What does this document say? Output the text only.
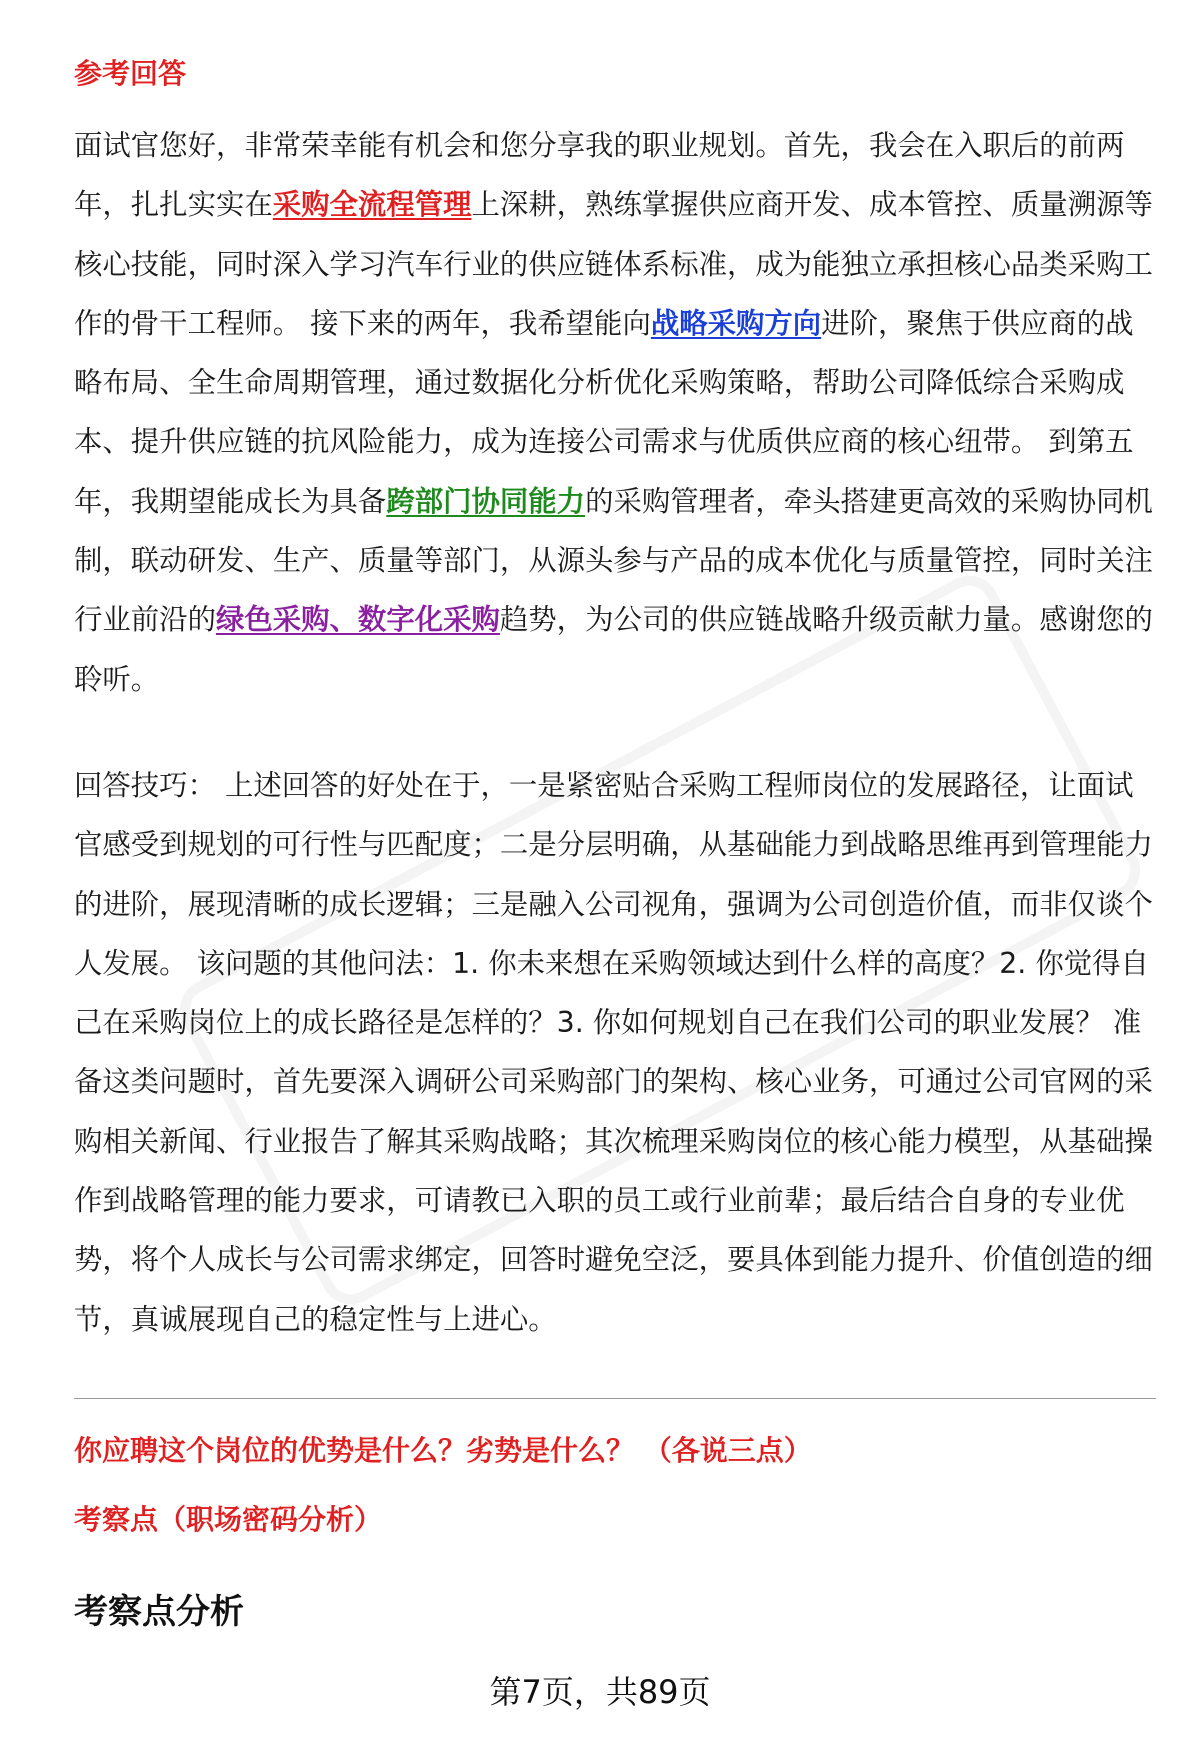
参考回答

面试官您好，非常荣幸能有机会和您分享我的职业规划。首先，我会在入职后的前两年，扎扎实实在采购全流程管理上深耕，熟练掌握供应商开发、成本管控、质量溯源等核心技能，同时深入学习汽车行业的供应链体系标准，成为能独立承担核心品类采购工作的骨干工程师。 接下来的两年，我希望能向战略采购方向进阶，聚焦于供应商的战略布局、全生命周期管理，通过数据化分析优化采购策略，帮助公司降低综合采购成本、提升供应链的抗风险能力，成为连接公司需求与优质供应商的核心纽带。 到第五年，我期望能成长为具备跨部门协同能力的采购管理者，牵头搭建更高效的采购协同机制，联动研发、生产、质量等部门，从源头参与产品的成本优化与质量管控，同时关注行业前沿的绿色采购、数字化采购趋势，为公司的供应链战略升级贡献力量。感谢您的聆听。

回答技巧： 上述回答的好处在于，一是紧密贴合采购工程师岗位的发展路径，让面试官感受到规划的可行性与匹配度；二是分层明确，从基础能力到战略思维再到管理能力的进阶，展现清晰的成长逻辑；三是融入公司视角，强调为公司创造价值，而非仅谈个人发展。 该问题的其他问法：1. 你未来想在采购领域达到什么样的高度？2. 你觉得自己在采购岗位上的成长路径是怎样的？3. 你如何规划自己在我们公司的职业发展？ 准备这类问题时，首先要深入调研公司采购部门的架构、核心业务，可通过公司官网的采购相关新闻、行业报告了解其采购战略；其次梳理采购岗位的核心能力模型，从基础操作到战略管理的能力要求，可请教已入职的员工或行业前辈；最后结合自身的专业优势，将个人成长与公司需求绑定，回答时避免空泛，要具体到能力提升、价值创造的细节，真诚展现自己的稳定性与上进心。

你应聘这个岗位的优势是什么？劣势是什么？ （各说三点）
考察点（职场密码分析）
考察点分析
第7页，共89页
